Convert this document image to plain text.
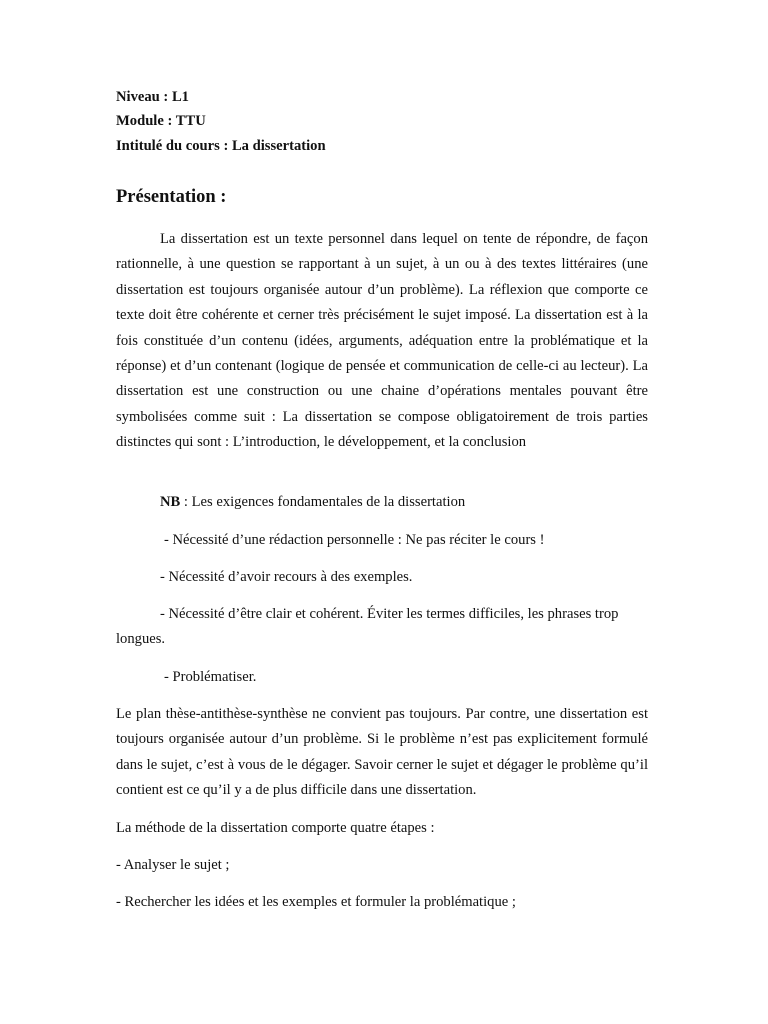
Niveau : L1

Module : TTU

Intitulé du cours : La dissertation

Présentation :

La dissertation est un texte personnel dans lequel on tente de répondre, de façon rationnelle, à une question se rapportant à un sujet, à un ou à des textes littéraires (une dissertation est toujours organisée autour d’un problème). La réflexion que comporte ce texte doit être cohérente et cerner très précisément le sujet imposé. La dissertation est à la fois constituée d’un contenu (idées, arguments, adéquation entre la problématique et la réponse) et d’un contenant (logique de pensée et communication de celle-ci au lecteur). La dissertation est une construction ou une chaine d’opérations mentales pouvant être symbolisées comme suit : La dissertation se compose obligatoirement de trois parties distinctes qui sont : L’introduction, le développement, et la conclusion

NB : Les exigences fondamentales de la dissertation

- Nécessité d’une rédaction personnelle : Ne pas réciter le cours !

- Nécessité d’avoir recours à des exemples.

- Nécessité d’être clair et cohérent. Éviter les termes difficiles, les phrases trop

longues.

- Problématiser.

Le plan thèse-antithèse-synthèse ne convient pas toujours. Par contre, une dissertation est toujours organisée autour d’un problème. Si le problème n’est pas explicitement formulé dans le sujet, c’est à vous de le dégager. Savoir cerner le sujet et dégager le problème qu’il contient est ce qu’il y a de plus difficile dans une dissertation.

La méthode de la dissertation comporte quatre étapes :

- Analyser le sujet ;

- Rechercher les idées et les exemples et formuler la problématique ;
